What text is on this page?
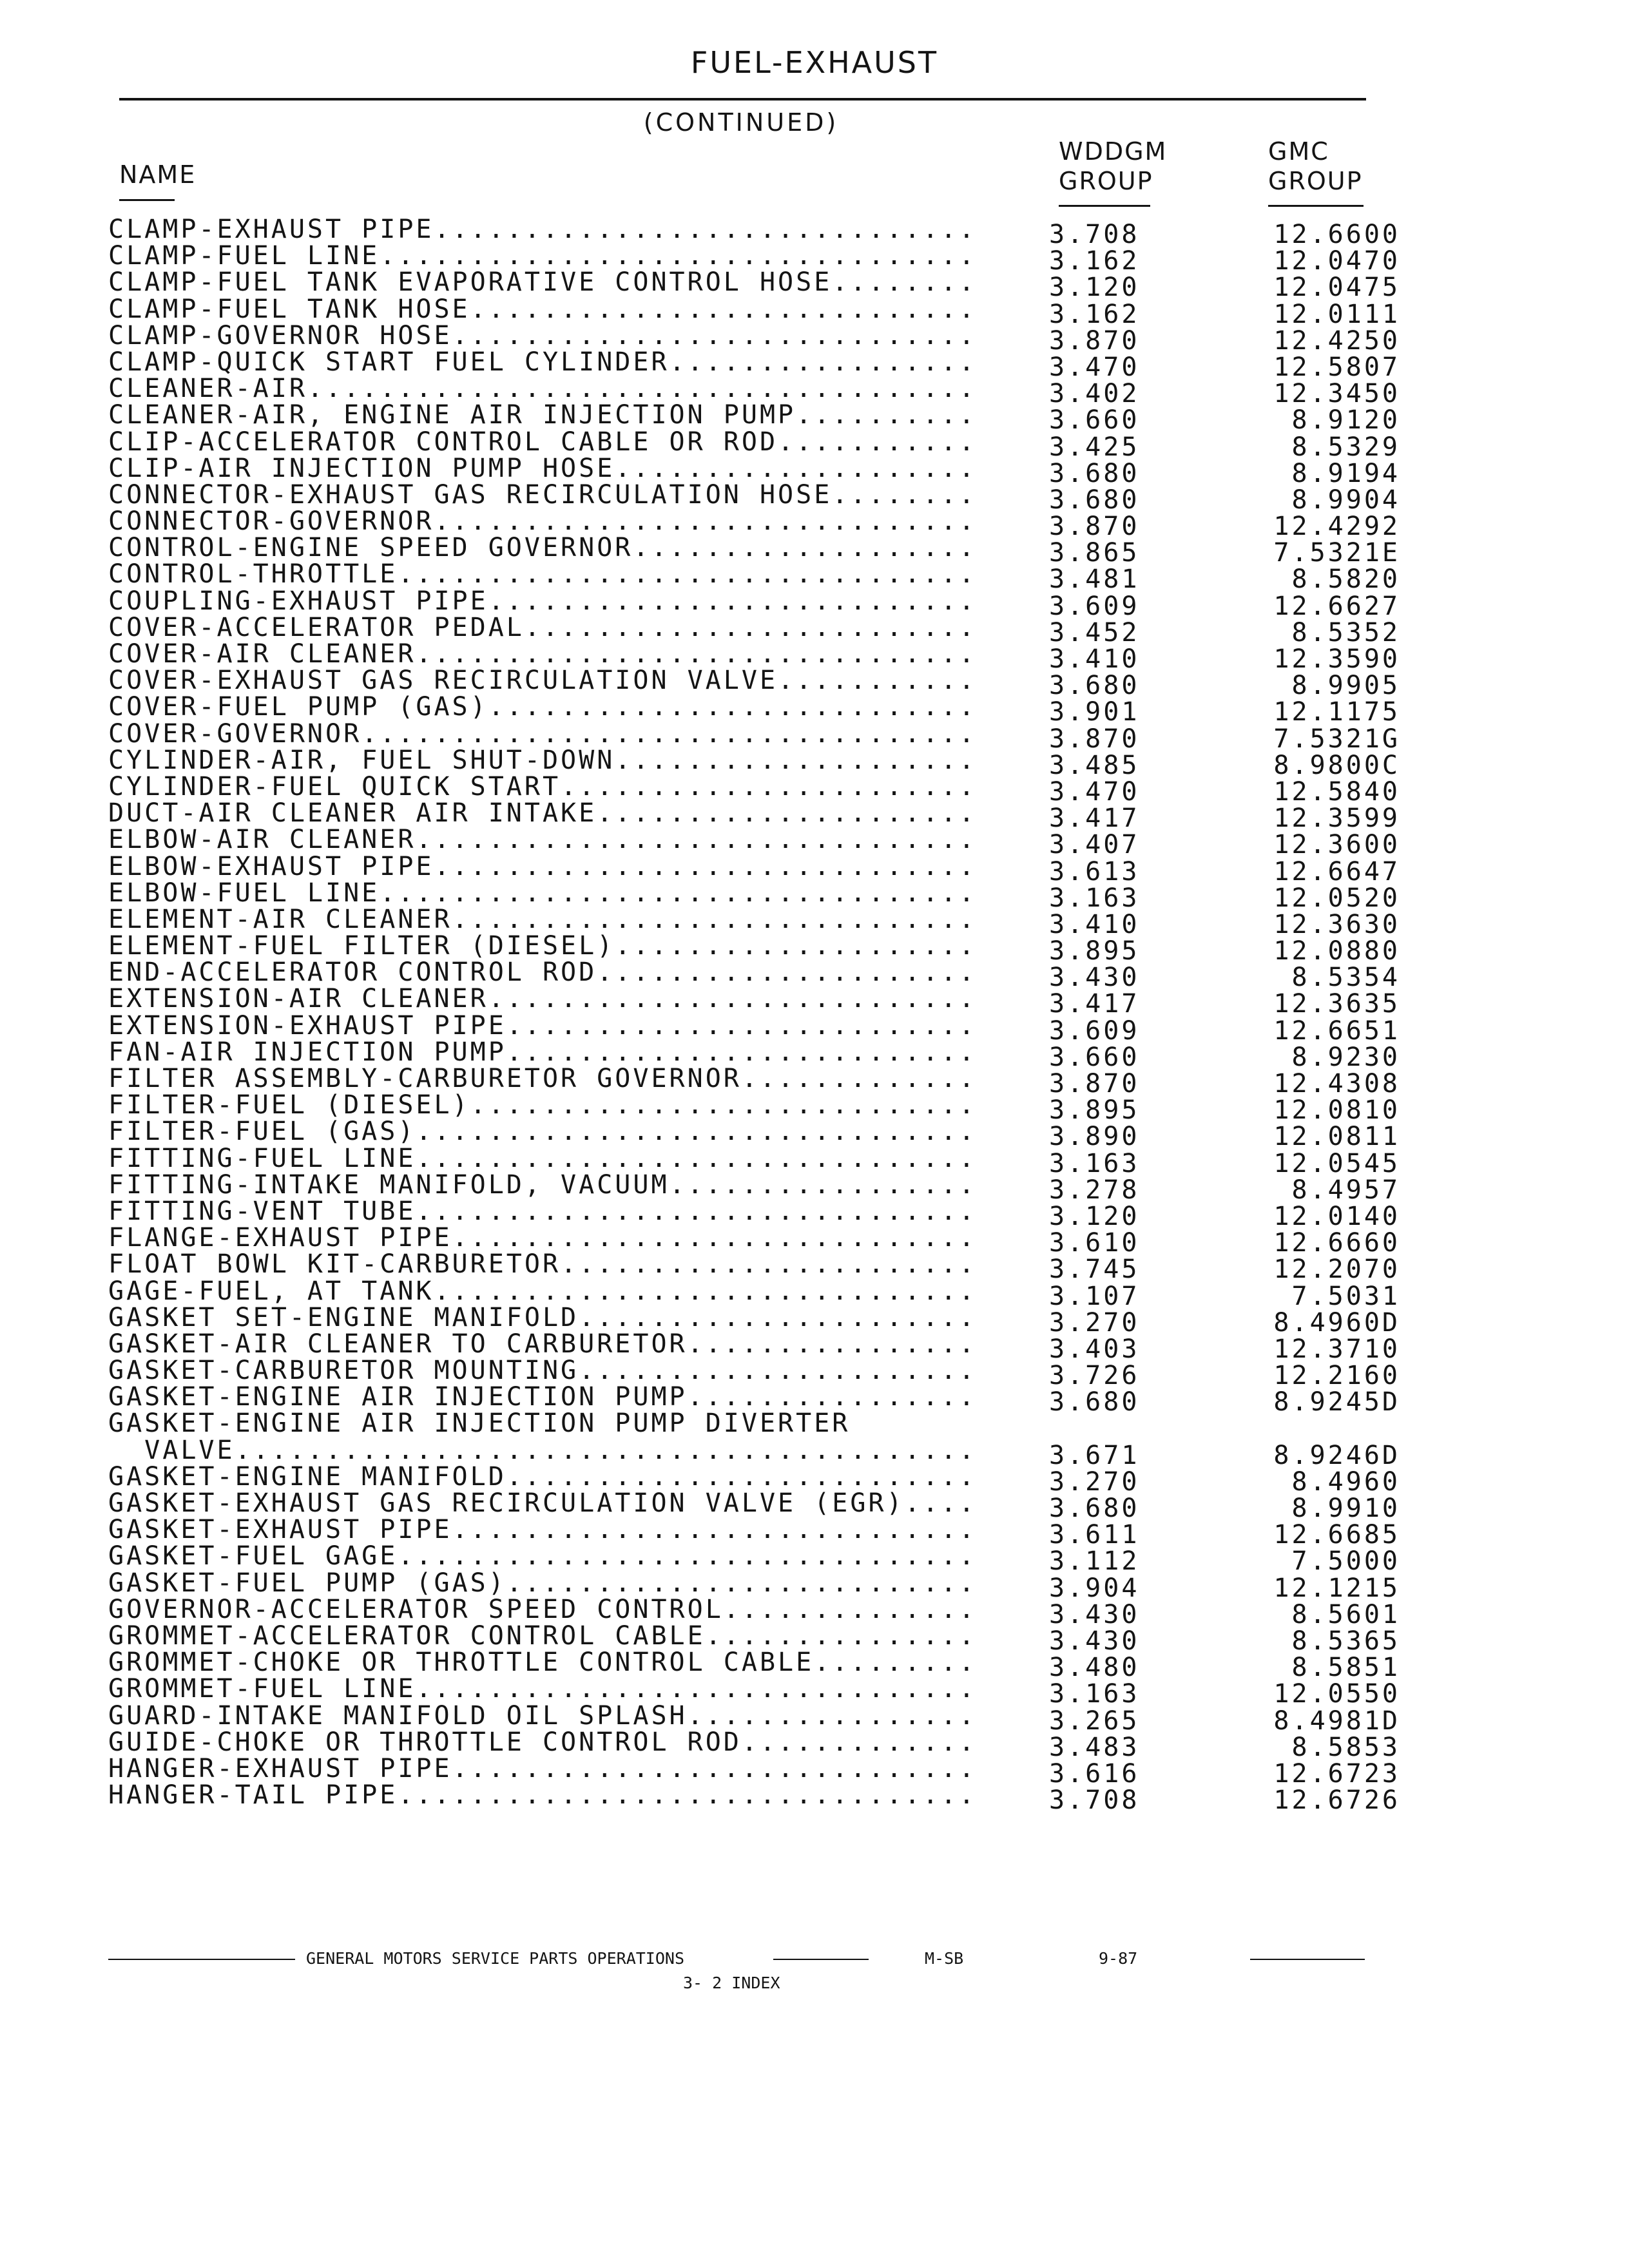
FUEL-EXHAUST
(CONTINUED)
NAME
WDDGM
GROUP
GMC
GROUP
CLAMP-EXHAUST PIPE..............................	3.708	12.6600
CLAMP-FUEL LINE.................................	3.162	12.0470
CLAMP-FUEL TANK EVAPORATIVE CONTROL HOSE........	3.120	12.0475
CLAMP-FUEL TANK HOSE............................	3.162	12.0111
CLAMP-GOVERNOR HOSE.............................	3.870	12.4250
CLAMP-QUICK START FUEL CYLINDER.................	3.470	12.5807
CLEANER-AIR.....................................	3.402	12.3450
CLEANER-AIR, ENGINE AIR INJECTION PUMP..........	3.660	8.9120
CLIP-ACCELERATOR CONTROL CABLE OR ROD...........	3.425	8.5329
CLIP-AIR INJECTION PUMP HOSE....................	3.680	8.9194
CONNECTOR-EXHAUST GAS RECIRCULATION HOSE........	3.680	8.9904
CONNECTOR-GOVERNOR..............................	3.870	12.4292
CONTROL-ENGINE SPEED GOVERNOR...................	3.865	7.5321E
CONTROL-THROTTLE................................	3.481	8.5820
COUPLING-EXHAUST PIPE...........................	3.609	12.6627
COVER-ACCELERATOR PEDAL.........................	3.452	8.5352
COVER-AIR CLEANER...............................	3.410	12.3590
COVER-EXHAUST GAS RECIRCULATION VALVE...........	3.680	8.9905
COVER-FUEL PUMP (GAS)...........................	3.901	12.1175
COVER-GOVERNOR..................................	3.870	7.5321G
CYLINDER-AIR, FUEL SHUT-DOWN....................	3.485	8.9800C
CYLINDER-FUEL QUICK START.......................	3.470	12.5840
DUCT-AIR CLEANER AIR INTAKE.....................	3.417	12.3599
ELBOW-AIR CLEANER...............................	3.407	12.3600
ELBOW-EXHAUST PIPE..............................	3.613	12.6647
ELBOW-FUEL LINE.................................	3.163	12.0520
ELEMENT-AIR CLEANER.............................	3.410	12.3630
ELEMENT-FUEL FILTER (DIESEL)....................	3.895	12.0880
END-ACCELERATOR CONTROL ROD.....................	3.430	8.5354
EXTENSION-AIR CLEANER...........................	3.417	12.3635
EXTENSION-EXHAUST PIPE..........................	3.609	12.6651
FAN-AIR INJECTION PUMP..........................	3.660	8.9230
FILTER ASSEMBLY-CARBURETOR GOVERNOR.............	3.870	12.4308
FILTER-FUEL (DIESEL)............................	3.895	12.0810
FILTER-FUEL (GAS)...............................	3.890	12.0811
FITTING-FUEL LINE...............................	3.163	12.0545
FITTING-INTAKE MANIFOLD, VACUUM.................	3.278	8.4957
FITTING-VENT TUBE...............................	3.120	12.0140
FLANGE-EXHAUST PIPE.............................	3.610	12.6660
FLOAT BOWL KIT-CARBURETOR.......................	3.745	12.2070
GAGE-FUEL, AT TANK..............................	3.107	7.5031
GASKET SET-ENGINE MANIFOLD......................	3.270	8.4960D
GASKET-AIR CLEANER TO CARBURETOR................	3.403	12.3710
GASKET-CARBURETOR MOUNTING......................	3.726	12.2160
GASKET-ENGINE AIR INJECTION PUMP................	3.680	8.9245D
GASKET-ENGINE AIR INJECTION PUMP DIVERTER
VALVE.........................................	3.671	8.9246D
GASKET-ENGINE MANIFOLD..........................	3.270	8.4960
GASKET-EXHAUST GAS RECIRCULATION VALVE (EGR)....	3.680	8.9910
GASKET-EXHAUST PIPE.............................	3.611	12.6685
GASKET-FUEL GAGE................................	3.112	7.5000
GASKET-FUEL PUMP (GAS)..........................	3.904	12.1215
GOVERNOR-ACCELERATOR SPEED CONTROL..............	3.430	8.5601
GROMMET-ACCELERATOR CONTROL CABLE...............	3.430	8.5365
GROMMET-CHOKE OR THROTTLE CONTROL CABLE.........	3.480	8.5851
GROMMET-FUEL LINE...............................	3.163	12.0550
GUARD-INTAKE MANIFOLD OIL SPLASH................	3.265	8.4981D
GUIDE-CHOKE OR THROTTLE CONTROL ROD.............	3.483	8.5853
HANGER-EXHAUST PIPE.............................	3.616	12.6723
HANGER-TAIL PIPE................................	3.708	12.6726
GENERAL MOTORS SERVICE PARTS OPERATIONS	M-SB	9-87
3- 2 INDEX
